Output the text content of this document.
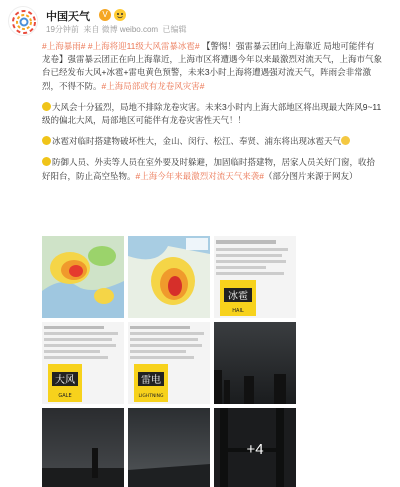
中国天气	V
19分钟前 来自 微博 weibo.com 已编辑

#上海暴雨# #上海将迎11级大风雷暴冰雹# 【警惕！强雷暴云团向上海靠近 局地可能伴有龙卷】强雷暴云团正在向上海靠近，上海市区将遭遇今年以来最激烈对流天气，上海市气象台已经发布大风+冰雹+雷电黄色预警，未来3小时上海将遭遇强对流天气，阵雨会非常激烈，不得不防。#上海局部或有龙卷风灾害#

大风会十分猛烈，局地不排除龙卷灾害。未来3小时内上海大部地区将出现最大阵风9~11级的偏北大风，局部地区可能伴有龙卷灾害性天气！！

冰雹对临时搭建物破坏性大，金山、闵行、松江、奉贤、浦东将出现冰雹天气

防御人员、外卖等人员在室外要及时躲避，加固临时搭建物，居家人员关好门窗，收拾好阳台，防止高空坠物。#上海今年来最激烈对流天气来袭#（部分图片来源于网友）

冰雹
HAIL
大风
GALE
雷电
LIGHTNING
+4
